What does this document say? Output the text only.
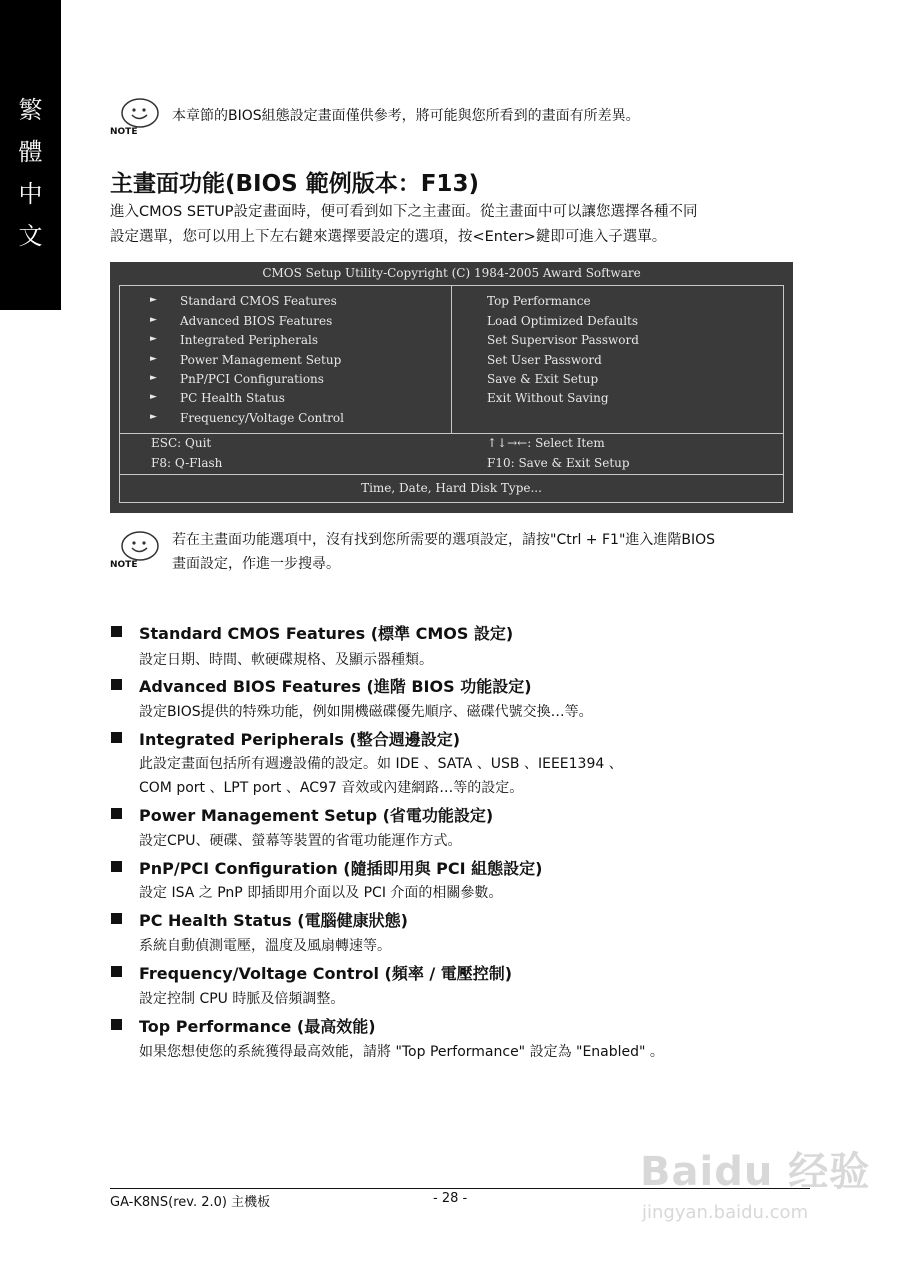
繁
體
中
文
NOTE
本章節的BIOS組態設定畫面僅供參考，將可能與您所看到的畫面有所差異。
主畫面功能(BIOS 範例版本：F13)
進入CMOS SETUP設定畫面時，便可看到如下之主畫面。從主畫面中可以讓您選擇各種不同
設定選單，您可以用上下左右鍵來選擇要設定的選項，按<Enter>鍵即可進入子選單。
CMOS Setup Utility-Copyright (C) 1984-2005 Award Software
► Standard CMOS Features
► Advanced BIOS Features
► Integrated Peripherals
► Power Management Setup
► PnP/PCI Configurations
► PC Health Status
► Frequency/Voltage Control
Top Performance
Load Optimized Defaults
Set Supervisor Password
Set User Password
Save & Exit Setup
Exit Without Saving
ESC: Quit
F8: Q-Flash
↑↓→←: Select Item
F10: Save & Exit Setup
Time, Date, Hard Disk Type...
NOTE
若在主畫面功能選項中，沒有找到您所需要的選項設定，請按"Ctrl + F1"進入進階BIOS
畫面設定，作進一步搜尋。
Standard CMOS Features (標準 CMOS 設定)
設定日期、時間、軟硬碟規格、及顯示器種類。
Advanced BIOS Features (進階 BIOS 功能設定)
設定BIOS提供的特殊功能，例如開機磁碟優先順序、磁碟代號交換…等。
Integrated Peripherals (整合週邊設定)
此設定畫面包括所有週邊設備的設定。如 IDE 、SATA 、USB 、IEEE1394 、
COM port 、LPT port 、AC97 音效或內建網路…等的設定。
Power Management Setup (省電功能設定)
設定CPU、硬碟、螢幕等裝置的省電功能運作方式。
PnP/PCI Configuration (隨插即用與 PCI 組態設定)
設定 ISA 之 PnP 即插即用介面以及 PCI 介面的相關參數。
PC Health Status (電腦健康狀態)
系統自動偵測電壓，溫度及風扇轉速等。
Frequency/Voltage Control (頻率 / 電壓控制)
設定控制 CPU 時脈及倍頻調整。
Top Performance (最高效能)
如果您想使您的系統獲得最高效能，請將 "Top Performance" 設定為 "Enabled" 。
GA-K8NS(rev. 2.0) 主機板	- 28 -
Baidu 经验
jingyan.baidu.com
